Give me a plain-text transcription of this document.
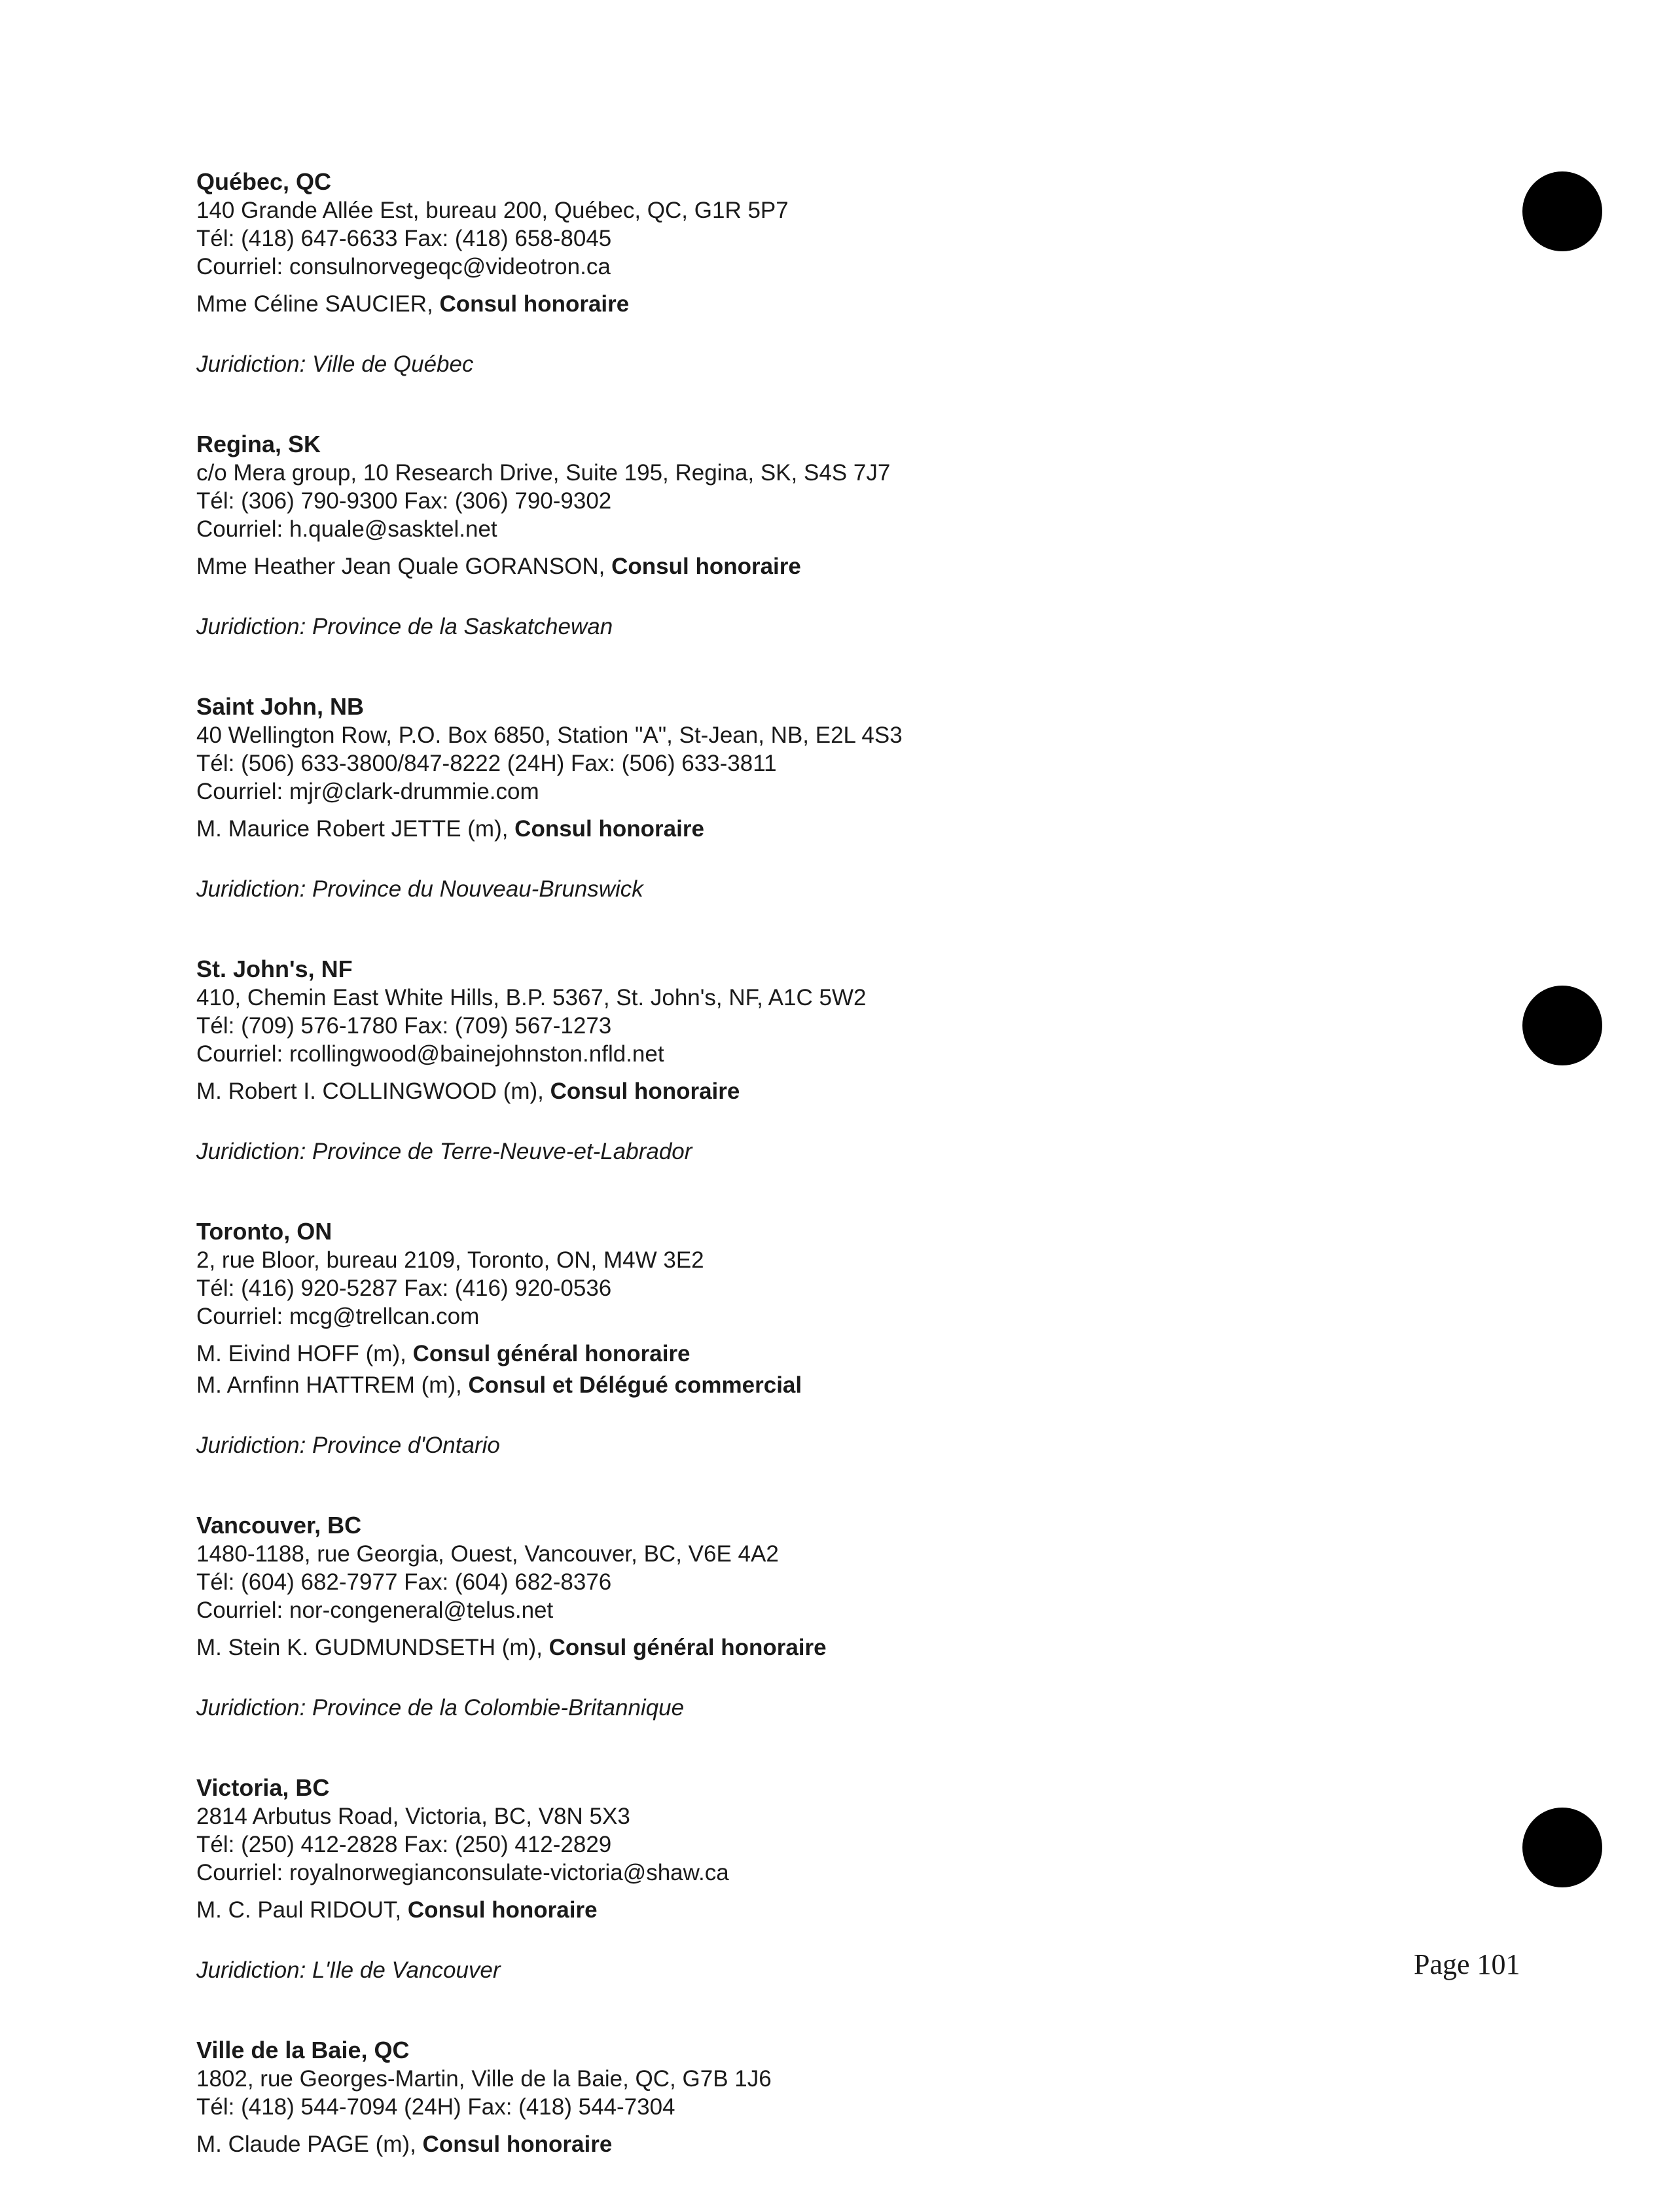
Québec, QC
140 Grande Allée Est, bureau 200, Québec, QC, G1R 5P7
Tél: (418) 647-6633 Fax: (418) 658-8045
Courriel: consulnorvegeqc@videotron.ca
Mme Céline SAUCIER, Consul honoraire
Juridiction: Ville de Québec
Regina, SK
c/o Mera group, 10 Research Drive, Suite 195, Regina, SK, S4S 7J7
Tél: (306) 790-9300 Fax: (306) 790-9302
Courriel: h.quale@sasktel.net
Mme Heather Jean Quale GORANSON, Consul honoraire
Juridiction: Province de la Saskatchewan
Saint John, NB
40 Wellington Row, P.O. Box 6850, Station "A", St-Jean, NB, E2L 4S3
Tél: (506) 633-3800/847-8222 (24H) Fax: (506) 633-3811
Courriel: mjr@clark-drummie.com
M. Maurice Robert JETTE (m), Consul honoraire
Juridiction: Province du Nouveau-Brunswick
St. John's, NF
410, Chemin East White Hills, B.P. 5367, St. John's, NF, A1C 5W2
Tél: (709) 576-1780 Fax: (709) 567-1273
Courriel: rcollingwood@bainejohnston.nfld.net
M. Robert I. COLLINGWOOD (m), Consul honoraire
Juridiction: Province de Terre-Neuve-et-Labrador
Toronto, ON
2, rue Bloor, bureau 2109, Toronto, ON, M4W 3E2
Tél: (416) 920-5287 Fax: (416) 920-0536
Courriel: mcg@trellcan.com
M. Eivind HOFF (m), Consul général honoraire
M. Arnfinn HATTREM (m), Consul et Délégué commercial
Juridiction: Province d'Ontario
Vancouver, BC
1480-1188, rue Georgia, Ouest, Vancouver, BC, V6E 4A2
Tél: (604) 682-7977 Fax: (604) 682-8376
Courriel: nor-congeneral@telus.net
M. Stein K. GUDMUNDSETH (m), Consul général honoraire
Juridiction: Province de la Colombie-Britannique
Victoria, BC
2814 Arbutus Road, Victoria, BC, V8N 5X3
Tél: (250) 412-2828 Fax: (250) 412-2829
Courriel: royalnorwegianconsulate-victoria@shaw.ca
M. C. Paul RIDOUT, Consul honoraire
Juridiction: L'Ile de Vancouver
Ville de la Baie, QC
1802, rue Georges-Martin, Ville de la Baie, QC, G7B 1J6
Tél: (418) 544-7094 (24H) Fax: (418) 544-7304
M. Claude PAGE (m), Consul honoraire
Page 101
